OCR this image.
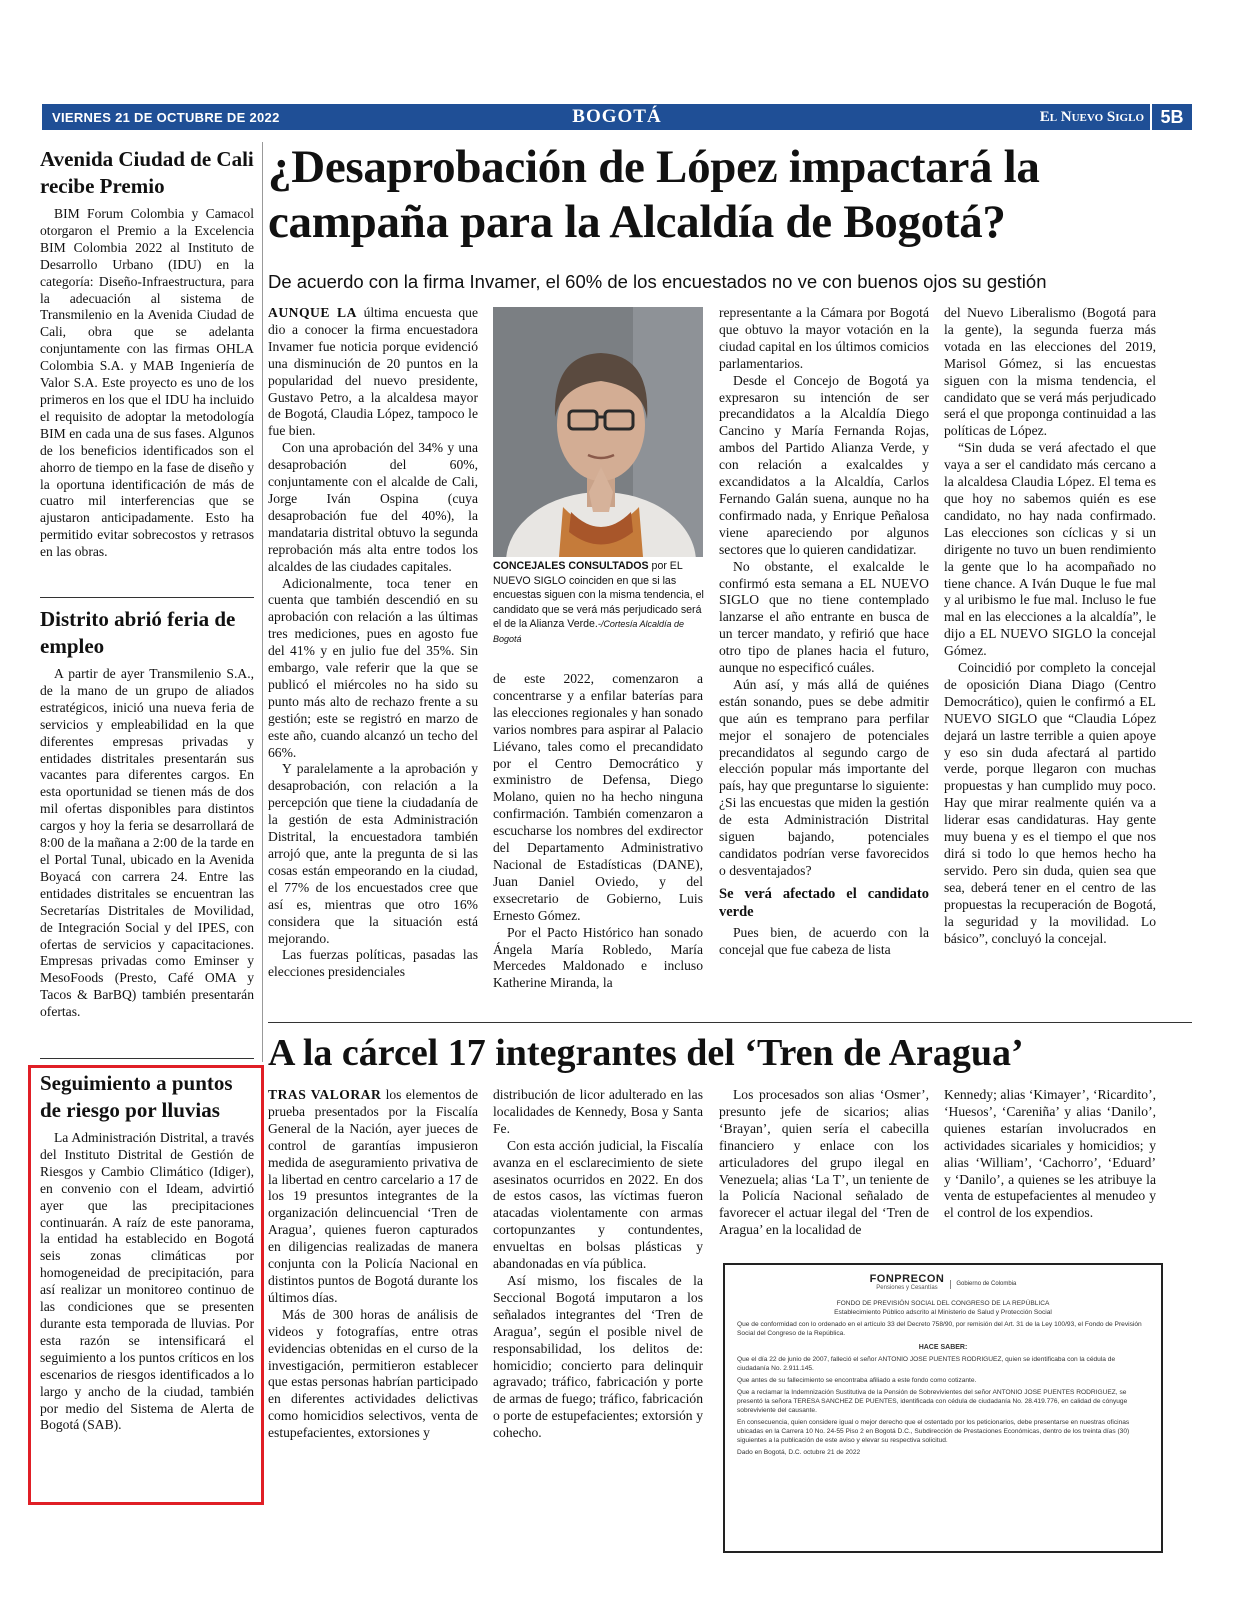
VIERNES 21 DE OCTUBRE DE 2022	BOGOTÁ	El Nuevo Siglo 5B
Avenida Ciudad de Cali recibe Premio

BIM Forum Colombia y Camacol otorgaron el Premio a la Excelencia BIM Colombia 2022 al Instituto de Desarrollo Urbano (IDU) en la categoría: Diseño-Infraestructura, para la adecuación al sistema de Transmilenio en la Avenida Ciudad de Cali, obra que se adelanta conjuntamente con las firmas OHLA Colombia S.A. y MAB Ingeniería de Valor S.A. Este proyecto es uno de los primeros en los que el IDU ha incluido el requisito de adoptar la metodología BIM en cada una de sus fases. Algunos de los beneficios identificados son el ahorro de tiempo en la fase de diseño y la oportuna identificación de más de cuatro mil interferencias que se ajustaron anticipadamente. Esto ha permitido evitar sobrecostos y retrasos en las obras.

Distrito abrió feria de empleo

A partir de ayer Transmilenio S.A., de la mano de un grupo de aliados estratégicos, inició una nueva feria de servicios y empleabilidad en la que diferentes empresas privadas y entidades distritales presentarán sus vacantes para diferentes cargos. En esta oportunidad se tienen más de dos mil ofertas disponibles para distintos cargos y hoy la feria se desarrollará de 8:00 de la mañana a 2:00 de la tarde en el Portal Tunal, ubicado en la Avenida Boyacá con carrera 24. Entre las entidades distritales se encuentran las Secretarías Distritales de Movilidad, de Integración Social y del IPES, con ofertas de servicios y capacitaciones. Empresas privadas como Eminser y MesoFoods (Presto, Café OMA y Tacos & BarBQ) también presentarán ofertas.

Seguimiento a puntos de riesgo por lluvias

La Administración Distrital, a través del Instituto Distrital de Gestión de Riesgos y Cambio Climático (Idiger), en convenio con el Ideam, advirtió ayer que las precipitaciones continuarán. A raíz de este panorama, la entidad ha establecido en Bogotá seis zonas climáticas por homogeneidad de precipitación, para así realizar un monitoreo continuo de las condiciones que se presenten durante esta temporada de lluvias. Por esta razón se intensificará el seguimiento a los puntos críticos en los escenarios de riesgos identificados a lo largo y ancho de la ciudad, también por medio del Sistema de Alerta de Bogotá (SAB).

¿Desaprobación de López impactará la campaña para la Alcaldía de Bogotá?
De acuerdo con la firma Invamer, el 60% de los encuestados no ve con buenos ojos su gestión

AUNQUE LA última encuesta que dio a conocer la firma encuestadora Invamer fue noticia porque evidenció una disminución de 20 puntos en la popularidad del nuevo presidente, Gustavo Petro, a la alcaldesa mayor de Bogotá, Claudia López, tampoco le fue bien.

Con una aprobación del 34% y una desaprobación del 60%, conjuntamente con el alcalde de Cali, Jorge Iván Ospina (cuya desaprobación fue del 40%), la mandataria distrital obtuvo la segunda reprobación más alta entre todos los alcaldes de las ciudades capitales.

Adicionalmente, toca tener en cuenta que también descendió en su aprobación con relación a las últimas tres mediciones, pues en agosto fue del 41% y en julio fue del 35%. Sin embargo, vale referir que la que se publicó el miércoles no ha sido su punto más alto de rechazo frente a su gestión; este se registró en marzo de este año, cuando alcanzó un techo del 66%.

Y paralelamente a la aprobación y desaprobación, con relación a la percepción que tiene la ciudadanía de la gestión de esta Administración Distrital, la encuestadora también arrojó que, ante la pregunta de si las cosas están empeorando en la ciudad, el 77% de los encuestados cree que así es, mientras que otro 16% considera que la situación está mejorando.

Las fuerzas políticas, pasadas las elecciones presidenciales

CONCEJALES CONSULTADOS por EL NUEVO SIGLO coinciden en que si las encuestas siguen con la misma tendencia, el candidato que se verá más perjudicado será el de la Alianza Verde.-/Cortesía Alcaldía de Bogotá

de este 2022, comenzaron a concentrarse y a enfilar baterías para las elecciones regionales y han sonado varios nombres para aspirar al Palacio Liévano, tales como el precandidato por el Centro Democrático y exministro de Defensa, Diego Molano, quien no ha hecho ninguna confirmación. También comenzaron a escucharse los nombres del exdirector del Departamento Administrativo Nacional de Estadísticas (DANE), Juan Daniel Oviedo, y del exsecretario de Gobierno, Luis Ernesto Gómez.

Por el Pacto Histórico han sonado Ángela María Robledo, María Mercedes Maldonado e incluso Katherine Miranda, la

representante a la Cámara por Bogotá que obtuvo la mayor votación en la ciudad capital en los últimos comicios parlamentarios.

Desde el Concejo de Bogotá ya expresaron su intención de ser precandidatos a la Alcaldía Diego Cancino y María Fernanda Rojas, ambos del Partido Alianza Verde, y con relación a exalcaldes y excandidatos a la Alcaldía, Carlos Fernando Galán suena, aunque no ha confirmado nada, y Enrique Peñalosa viene apareciendo por algunos sectores que lo quieren candidatizar.

No obstante, el exalcalde le confirmó esta semana a EL NUEVO SIGLO que no tiene contemplado lanzarse el año entrante en busca de un tercer mandato, y refirió que hace otro tipo de planes hacia el futuro, aunque no especificó cuáles.

Aún así, y más allá de quiénes están sonando, pues se debe admitir que aún es temprano para perfilar mejor el sonajero de potenciales precandidatos al segundo cargo de elección popular más importante del país, hay que preguntarse lo siguiente: ¿Si las encuestas que miden la gestión de esta Administración Distrital siguen bajando, potenciales candidatos podrían verse favorecidos o desventajados?

Se verá afectado el candidato verde

Pues bien, de acuerdo con la concejal que fue cabeza de lista

del Nuevo Liberalismo (Bogotá para la gente), la segunda fuerza más votada en las elecciones del 2019, Marisol Gómez, si las encuestas siguen con la misma tendencia, el candidato que se verá más perjudicado será el que proponga continuidad a las políticas de López.

“Sin duda se verá afectado el que vaya a ser el candidato más cercano a la alcaldesa Claudia López. El tema es que hoy no sabemos quién es ese candidato, no hay nada confirmado. Las elecciones son cíclicas y si un dirigente no tuvo un buen rendimiento la gente que lo ha acompañado no tiene chance. A Iván Duque le fue mal y al uribismo le fue mal. Incluso le fue mal en las elecciones a la alcaldía”, le dijo a EL NUEVO SIGLO la concejal Gómez.

Coincidió por completo la concejal de oposición Diana Diago (Centro Democrático), quien le confirmó a EL NUEVO SIGLO que “Claudia López dejará un lastre terrible a quien apoye y eso sin duda afectará al partido verde, porque llegaron con muchas propuestas y han cumplido muy poco. Hay que mirar realmente quién va a liderar esas candidaturas. Hay gente muy buena y es el tiempo el que nos dirá si todo lo que hemos hecho ha servido. Pero sin duda, quien sea que sea, deberá tener en el centro de las propuestas la recuperación de Bogotá, la seguridad y la movilidad. Lo básico”, concluyó la concejal.

A la cárcel 17 integrantes del ‘Tren de Aragua’

TRAS VALORAR los elementos de prueba presentados por la Fiscalía General de la Nación, ayer jueces de control de garantías impusieron medida de aseguramiento privativa de la libertad en centro carcelario a 17 de los 19 presuntos integrantes de la organización delincuencial ‘Tren de Aragua’, quienes fueron capturados en diligencias realizadas de manera conjunta con la Policía Nacional en distintos puntos de Bogotá durante los últimos días.

Más de 300 horas de análisis de videos y fotografías, entre otras evidencias obtenidas en el curso de la investigación, permitieron establecer que estas personas habrían participado en diferentes actividades delictivas como homicidios selectivos, venta de estupefacientes, extorsiones y

distribución de licor adulterado en las localidades de Kennedy, Bosa y Santa Fe.

Con esta acción judicial, la Fiscalía avanza en el esclarecimiento de siete asesinatos ocurridos en 2022. En dos de estos casos, las víctimas fueron atacadas violentamente con armas cortopunzantes y contundentes, envueltas en bolsas plásticas y abandonadas en vía pública.

Así mismo, los fiscales de la Seccional Bogotá imputaron a los señalados integrantes del ‘Tren de Aragua’, según el posible nivel de responsabilidad, los delitos de: homicidio; concierto para delinquir agravado; tráfico, fabricación y porte de armas de fuego; tráfico, fabricación o porte de estupefacientes; extorsión y cohecho.

Los procesados son alias ‘Osmer’, presunto jefe de sicarios; alias ‘Brayan’, quien sería el cabecilla financiero y enlace con los articuladores del grupo ilegal en Venezuela; alias ‘La T’, un teniente de la Policía Nacional señalado de favorecer el actuar ilegal del ‘Tren de Aragua’ en la localidad de

Kennedy; alias ‘Kimayer’, ‘Ricardito’, ‘Huesos’, ‘Careniña’ y alias ‘Danilo’, quienes estarían involucrados en actividades sicariales y homicidios; y alias ‘William’, ‘Cachorro’, ‘Eduard’ y ‘Danilo’, a quienes se les atribuye la venta de estupefacientes al menudeo y el control de los expendios.

FONPRECON
Pensiones y Cesantías
Gobierno de Colombia
FONDO DE PREVISIÓN SOCIAL DEL CONGRESO DE LA REPÚBLICA
Establecimiento Público adscrito al Ministerio de Salud y Protección Social

Que de conformidad con lo ordenado en el artículo 33 del Decreto 758/90, por remisión del Art. 31 de la Ley 100/93, el Fondo de Previsión Social del Congreso de la República.

HACE SABER:

Que el día 22 de junio de 2007, falleció el señor ANTONIO JOSE PUENTES RODRIGUEZ, quien se identificaba con la cédula de ciudadanía No. 2.911.145.

Que antes de su fallecimiento se encontraba afiliado a este fondo como cotizante.

Que a reclamar la Indemnización Sustitutiva de la Pensión de Sobrevivientes del señor ANTONIO JOSE PUENTES RODRIGUEZ, se presentó la señora TERESA SANCHEZ DE PUENTES, identificada con cédula de ciudadanía No. 28.419.776, en calidad de cónyuge sobreviviente del causante.

En consecuencia, quien considere igual o mejor derecho que el ostentado por los peticionarios, debe presentarse en nuestras oficinas ubicadas en la Carrera 10 No. 24-55 Piso 2 en Bogotá D.C., Subdirección de Prestaciones Económicas, dentro de los treinta días (30) siguientes a la publicación de este aviso y elevar su respectiva solicitud.

Dado en Bogotá, D.C. octubre 21 de 2022
